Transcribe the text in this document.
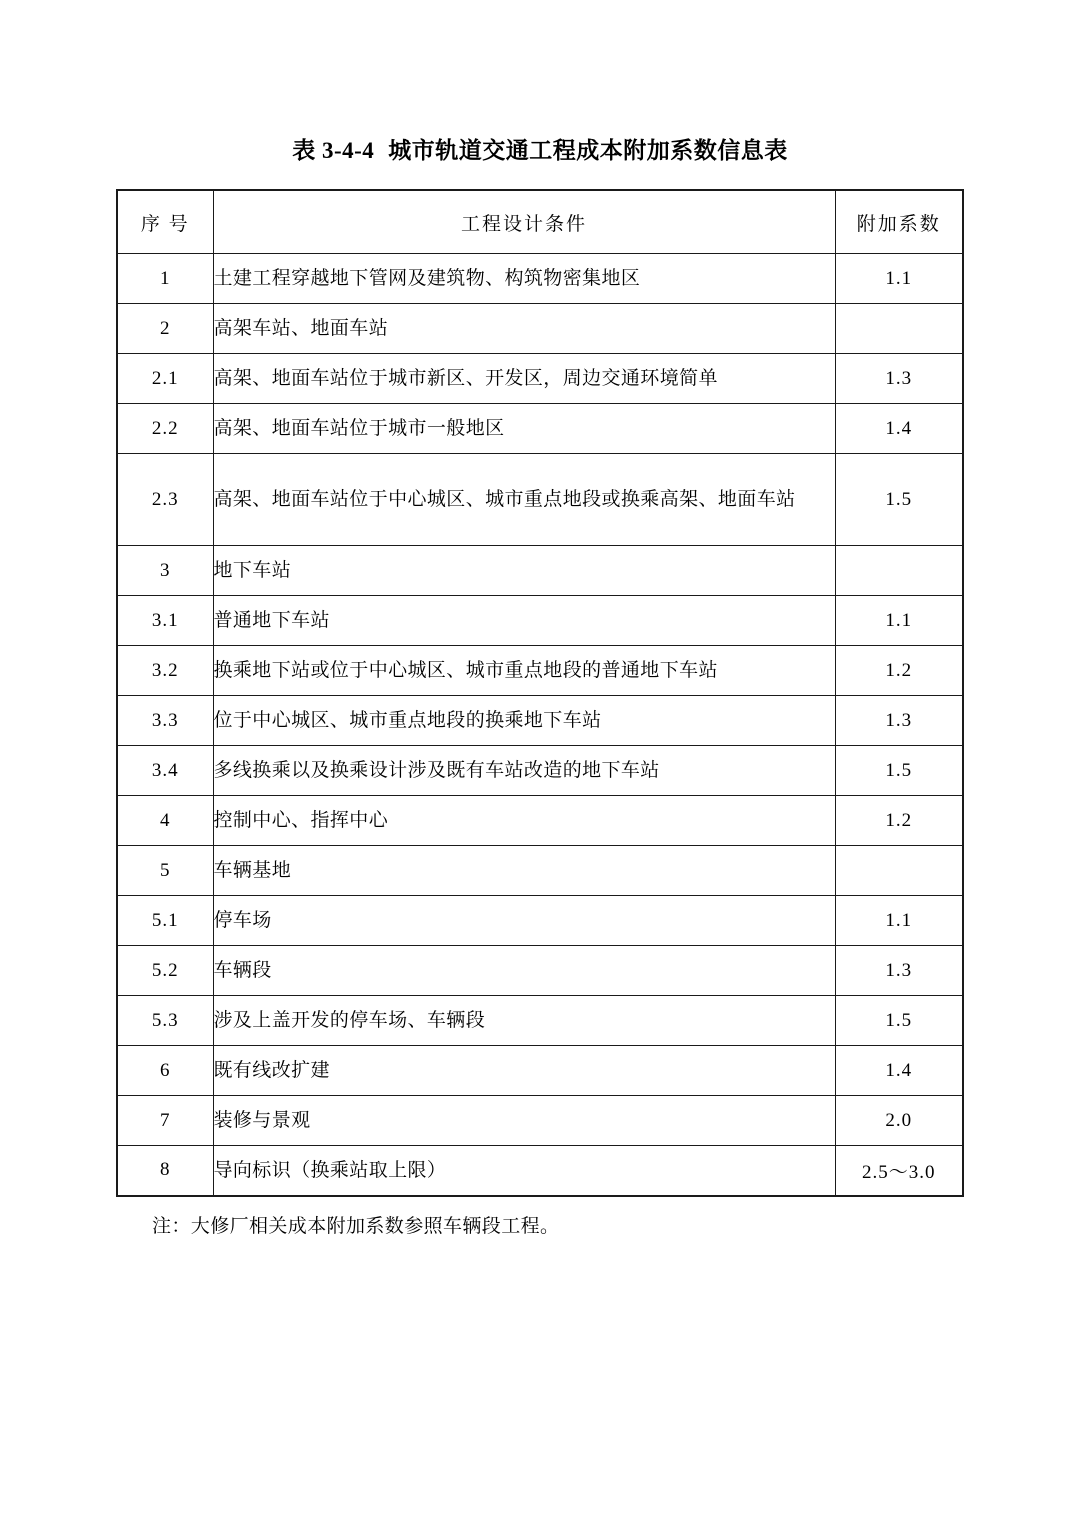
表 3-4-4 城市轨道交通工程成本附加系数信息表
序 号	工程设计条件	附加系数
1	土建工程穿越地下管网及建筑物、构筑物密集地区	1.1
2	高架车站、地面车站	
2.1	高架、地面车站位于城市新区、开发区，周边交通环境简单	1.3
2.2	高架、地面车站位于城市一般地区	1.4
2.3	高架、地面车站位于中心城区、城市重点地段或换乘高架、地面车站	1.5
3	地下车站	
3.1	普通地下车站	1.1
3.2	换乘地下站或位于中心城区、城市重点地段的普通地下车站	1.2
3.3	位于中心城区、城市重点地段的换乘地下车站	1.3
3.4	多线换乘以及换乘设计涉及既有车站改造的地下车站	1.5
4	控制中心、指挥中心	1.2
5	车辆基地	
5.1	停车场	1.1
5.2	车辆段	1.3
5.3	涉及上盖开发的停车场、车辆段	1.5
6	既有线改扩建	1.4
7	装修与景观	2.0
8	导向标识（换乘站取上限）	2.5～3.0
注：大修厂相关成本附加系数参照车辆段工程。
